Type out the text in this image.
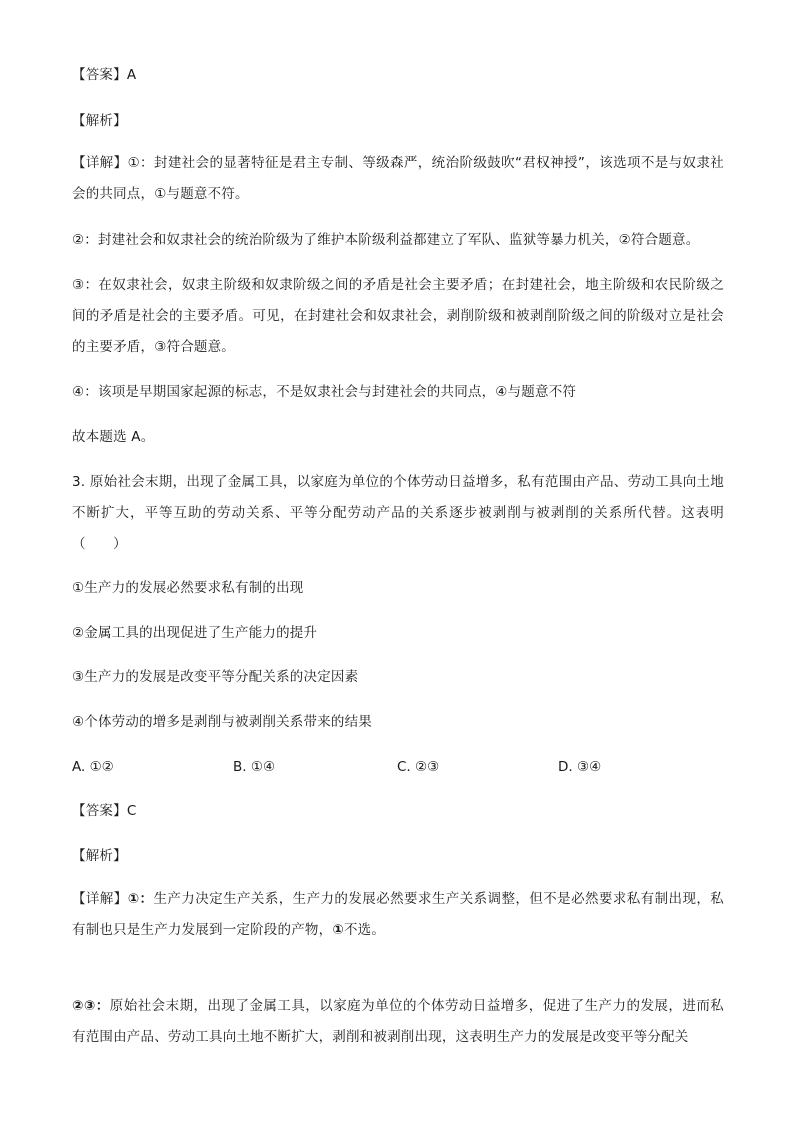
【答案】A
【解析】
【详解】①：封建社会的显著特征是君主专制、等级森严，统治阶级鼓吹“君权神授”，该选项不是与奴隶社会的共同点，①与题意不符。
②：封建社会和奴隶社会的统治阶级为了维护本阶级利益都建立了军队、监狱等暴力机关，②符合题意。
③：在奴隶社会，奴隶主阶级和奴隶阶级之间的矛盾是社会主要矛盾；在封建社会，地主阶级和农民阶级之间的矛盾是社会的主要矛盾。可见，在封建社会和奴隶社会，剥削阶级和被剥削阶级之间的阶级对立是社会的主要矛盾，③符合题意。
④：该项是早期国家起源的标志，不是奴隶社会与封建社会的共同点，④与题意不符
故本题选 A。
3. 原始社会末期，出现了金属工具，以家庭为单位的个体劳动日益增多，私有范围由产品、劳动工具向土地不断扩大，平等互助的劳动关系、平等分配劳动产品的关系逐步被剥削与被剥削的关系所代替。这表明（　　）
①生产力的发展必然要求私有制的出现
②金属工具的出现促进了生产能力的提升
③生产力的发展是改变平等分配关系的决定因素
④个体劳动的增多是剥削与被剥削关系带来的结果
A. ①②	B. ①④	C. ②③	D. ③④
【答案】C
【解析】
【详解】①：生产力决定生产关系，生产力的发展必然要求生产关系调整，但不是必然要求私有制出现，私有制也只是生产力发展到一定阶段的产物，①不选。
②③：原始社会末期，出现了金属工具，以家庭为单位的个体劳动日益增多，促进了生产力的发展，进而私有范围由产品、劳动工具向土地不断扩大，剥削和被剥削出现，这表明生产力的发展是改变平等分配关
